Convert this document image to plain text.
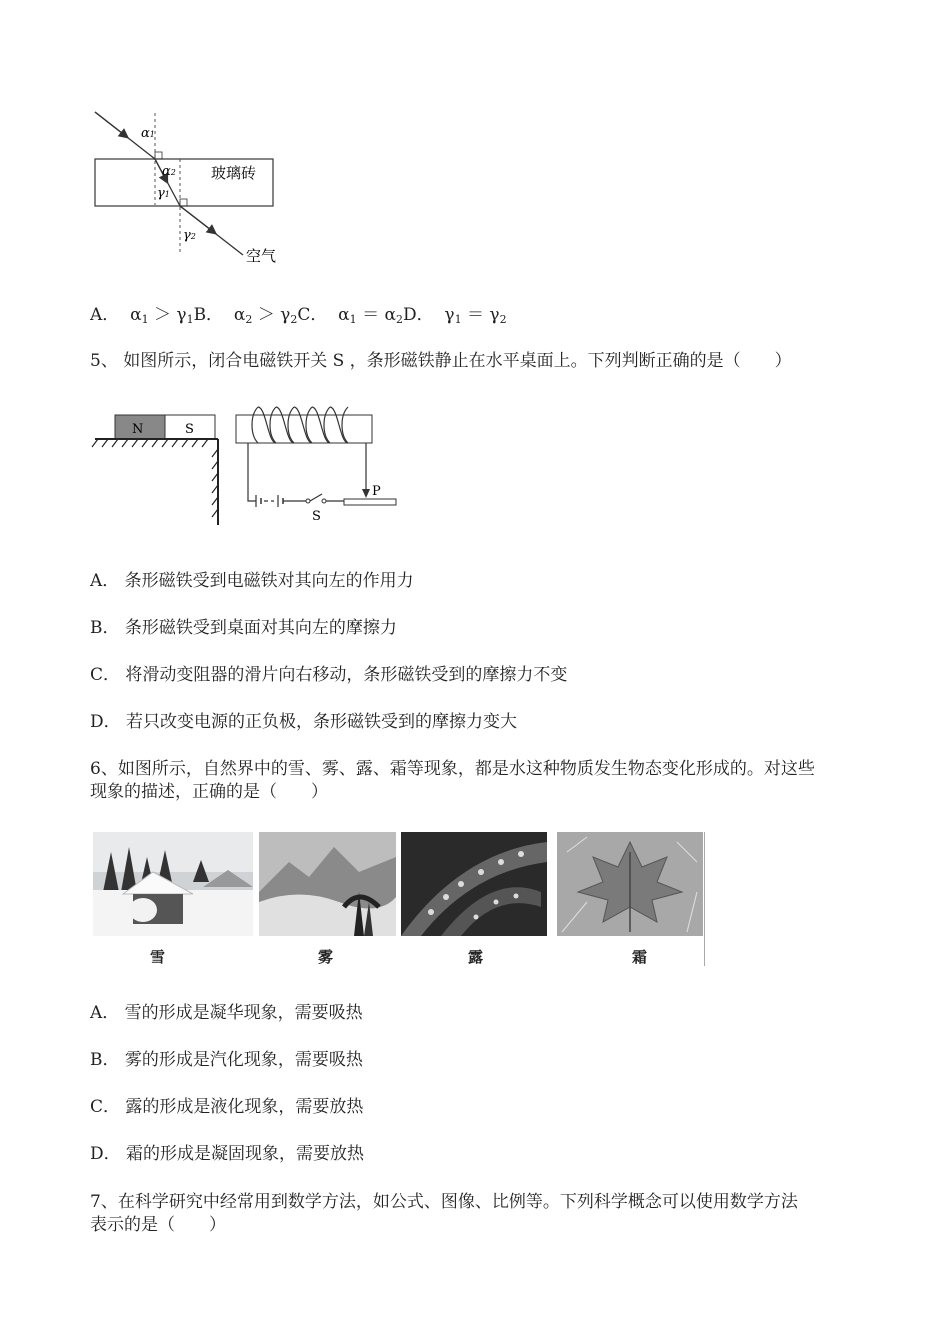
α1
α2
γ1
γ2
玻璃砖
空气
A． $\alpha_1 > \gamma_1B$． $\alpha_2 > \gamma_2C$． $\alpha_1 = \alpha_2D$． $\gamma_1 = \gamma_2$
5、 如图所示，闭合电磁铁开关 S ，条形磁铁静止在水平桌面上。下列判断正确的是（　　）
N	S
S
P
A． 条形磁铁受到电磁铁对其向左的作用力
B． 条形磁铁受到桌面对其向左的摩擦力
C． 将滑动变阻器的滑片向右移动，条形磁铁受到的摩擦力不变
D． 若只改变电源的正负极，条形磁铁受到的摩擦力变大
6、如图所示，自然界中的雪、雾、露、霜等现象，都是水这种物质发生物态变化形成的。对这些
现象的描述，正确的是（　　）
雪	雾	露	霜
A． 雪的形成是凝华现象，需要吸热
B． 雾的形成是汽化现象，需要吸热
C． 露的形成是液化现象，需要放热
D． 霜的形成是凝固现象，需要放热
7、在科学研究中经常用到数学方法，如公式、图像、比例等。下列科学概念可以使用数学方法
表示的是（　　）
